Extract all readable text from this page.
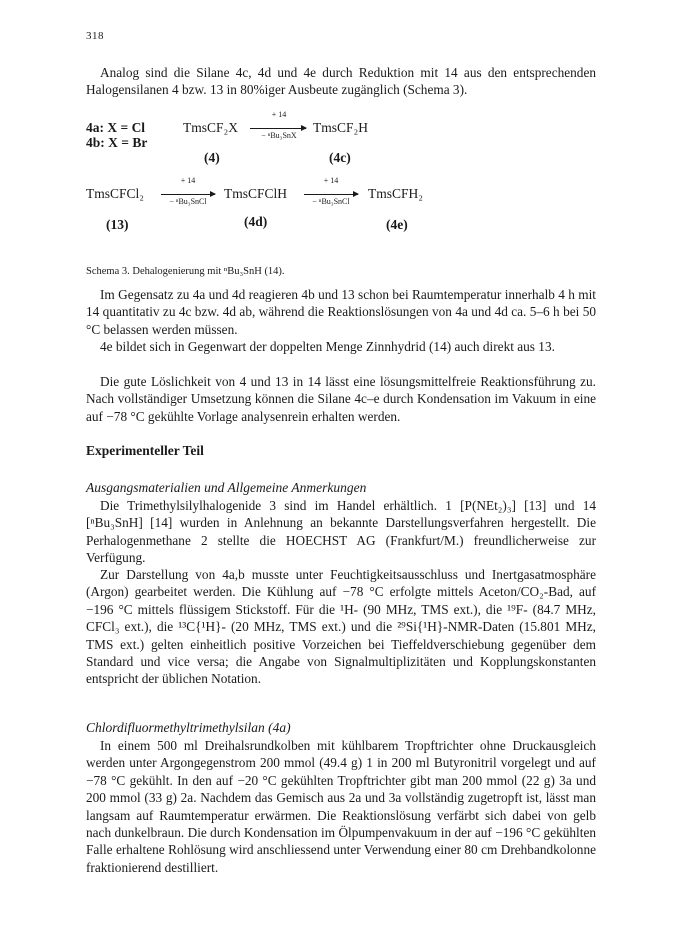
318

Analog sind die Silane 4c, 4d und 4e durch Reduktion mit 14 aus den entsprechenden Halogensilanen 4 bzw. 13 in 80%iger Ausbeute zugänglich (Schema 3).

4a: X = Cl
4b: X = Br
TmsCF₂X
+ 14
− ⁿBu₃SnX
TmsCF₂H
(4)	(4c)
TmsCFCl₂
+ 14
− ⁿBu₃SnCl
TmsCFClH
+ 14
− ⁿBu₃SnCl
TmsCFH₂
(13)	(4d)	(4e)
Schema 3. Dehalogenierung mit ⁿBu₃SnH (14).

Im Gegensatz zu 4a und 4d reagieren 4b und 13 schon bei Raumtemperatur innerhalb 4 h mit 14 quantitativ zu 4c bzw. 4d ab, während die Reaktionslösungen von 4a und 4d ca. 5–6 h bei 50 °C belassen werden müssen.

4e bildet sich in Gegenwart der doppelten Menge Zinnhydrid (14) auch direkt aus 13.

Die gute Löslichkeit von 4 und 13 in 14 lässt eine lösungsmittelfreie Reaktionsführung zu. Nach vollständiger Umsetzung können die Silane 4c–e durch Kondensation im Vakuum in eine auf −78 °C gekühlte Vorlage analysenrein erhalten werden.

Experimenteller Teil
Ausgangsmaterialien und Allgemeine Anmerkungen

Die Trimethylsilylhalogenide 3 sind im Handel erhältlich. 1 [P(NEt₂)₃] [13] und 14 [ⁿBu₃SnH] [14] wurden in Anlehnung an bekannte Darstellungsverfahren hergestellt. Die Perhalogenmethane 2 stellte die HOECHST AG (Frankfurt/M.) freundlicherweise zur Verfügung.

Zur Darstellung von 4a,b musste unter Feuchtigkeitsausschluss und Inertgasatmosphäre (Argon) gearbeitet werden. Die Kühlung auf −78 °C erfolgte mittels Aceton/CO₂-Bad, auf −196 °C mittels flüssigem Stickstoff. Für die ¹H- (90 MHz, TMS ext.), die ¹⁹F- (84.7 MHz, CFCl₃ ext.), die ¹³C{¹H}- (20 MHz, TMS ext.) und die ²⁹Si{¹H}-NMR-Daten (15.801 MHz, TMS ext.) gelten einheitlich positive Vorzeichen bei Tieffeldverschiebung gegenüber dem Standard und vice versa; die Angabe von Signalmultiplizitäten und Kopplungskonstanten entspricht der üblichen Notation.

Chlordifluormethyltrimethylsilan (4a)

In einem 500 ml Dreihalsrundkolben mit kühlbarem Tropftrichter ohne Druckausgleich werden unter Argongegenstrom 200 mmol (49.4 g) 1 in 200 ml Butyronitril vorgelegt und auf −78 °C gekühlt. In den auf −20 °C gekühlten Tropftrichter gibt man 200 mmol (22 g) 3a und 200 mmol (33 g) 2a. Nachdem das Gemisch aus 2a und 3a vollständig zugetropft ist, lässt man langsam auf Raumtemperatur erwärmen. Die Reaktionslösung verfärbt sich dabei von gelb nach dunkelbraun. Die durch Kondensation im Ölpumpenvakuum in der auf −196 °C gekühlten Falle erhaltene Rohlösung wird anschliessend unter Verwendung einer 80 cm Drehbandkolonne fraktionierend destilliert.
